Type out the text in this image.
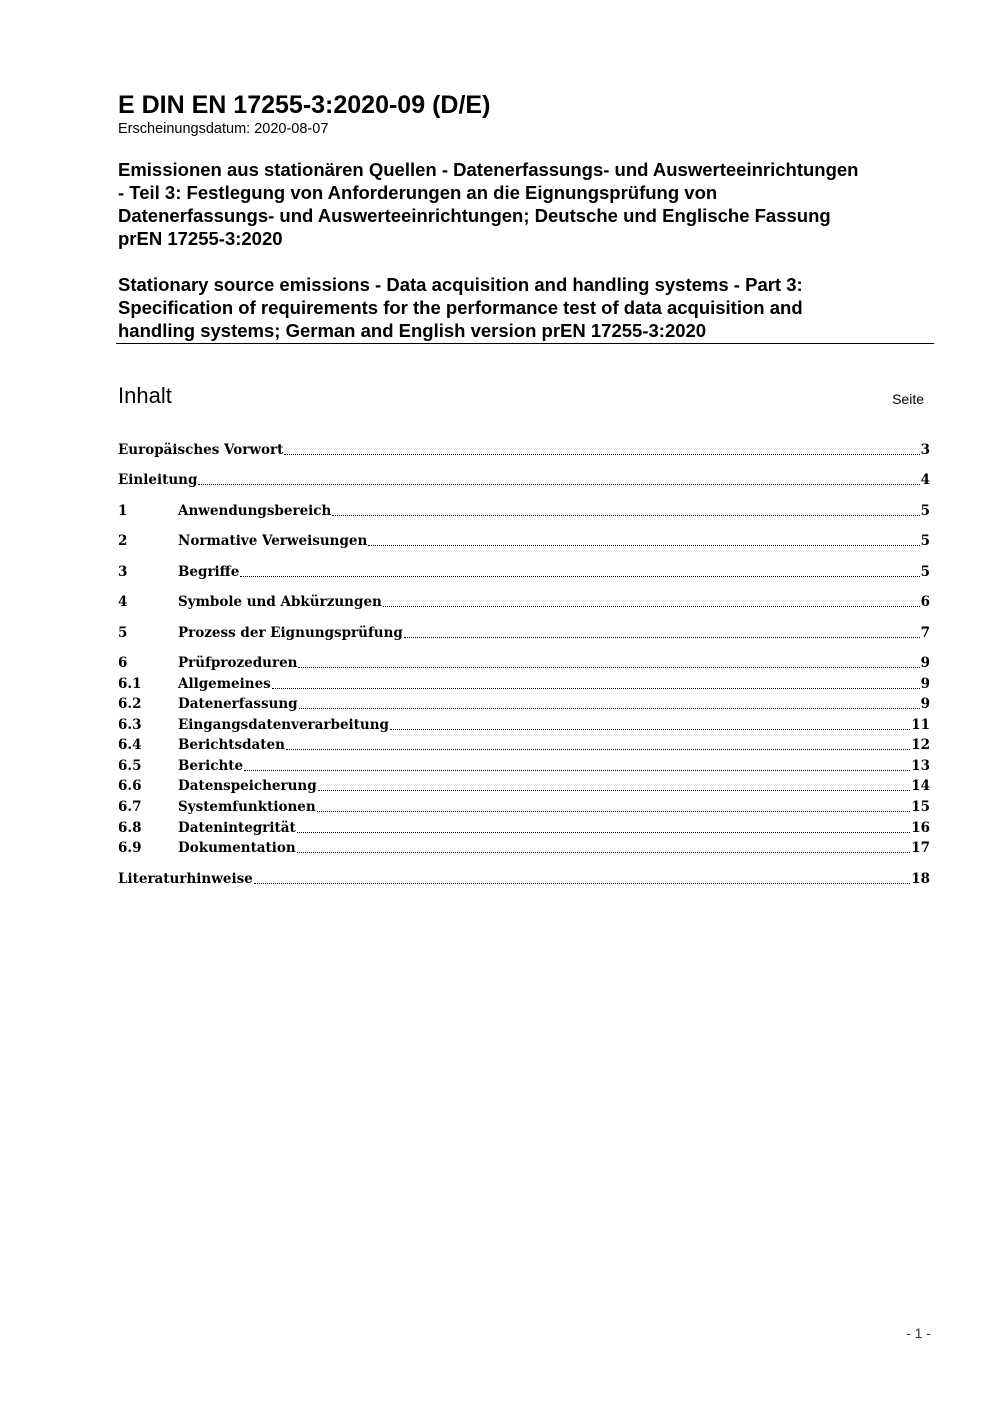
E DIN EN 17255-3:2020-09 (D/E)
Erscheinungsdatum: 2020-08-07
Emissionen aus stationären Quellen - Datenerfassungs- und Auswerteeinrichtungen
- Teil 3: Festlegung von Anforderungen an die Eignungsprüfung von
Datenerfassungs- und Auswerteeinrichtungen; Deutsche und Englische Fassung
prEN 17255-3:2020
Stationary source emissions - Data acquisition and handling systems - Part 3:
Specification of requirements for the performance test of data acquisition and
handling systems; German and English version prEN 17255-3:2020
Inhalt	Seite
Europäisches Vorwort	3
Einleitung	4
1	Anwendungsbereich	5
2	Normative Verweisungen	5
3	Begriffe	5
4	Symbole und Abkürzungen	6
5	Prozess der Eignungsprüfung	7
6	Prüfprozeduren	9
6.1	Allgemeines	9
6.2	Datenerfassung	9
6.3	Eingangsdatenverarbeitung	11
6.4	Berichtsdaten	12
6.5	Berichte	13
6.6	Datenspeicherung	14
6.7	Systemfunktionen	15
6.8	Datenintegrität	16
6.9	Dokumentation	17
Literaturhinweise	18
- 1 -
